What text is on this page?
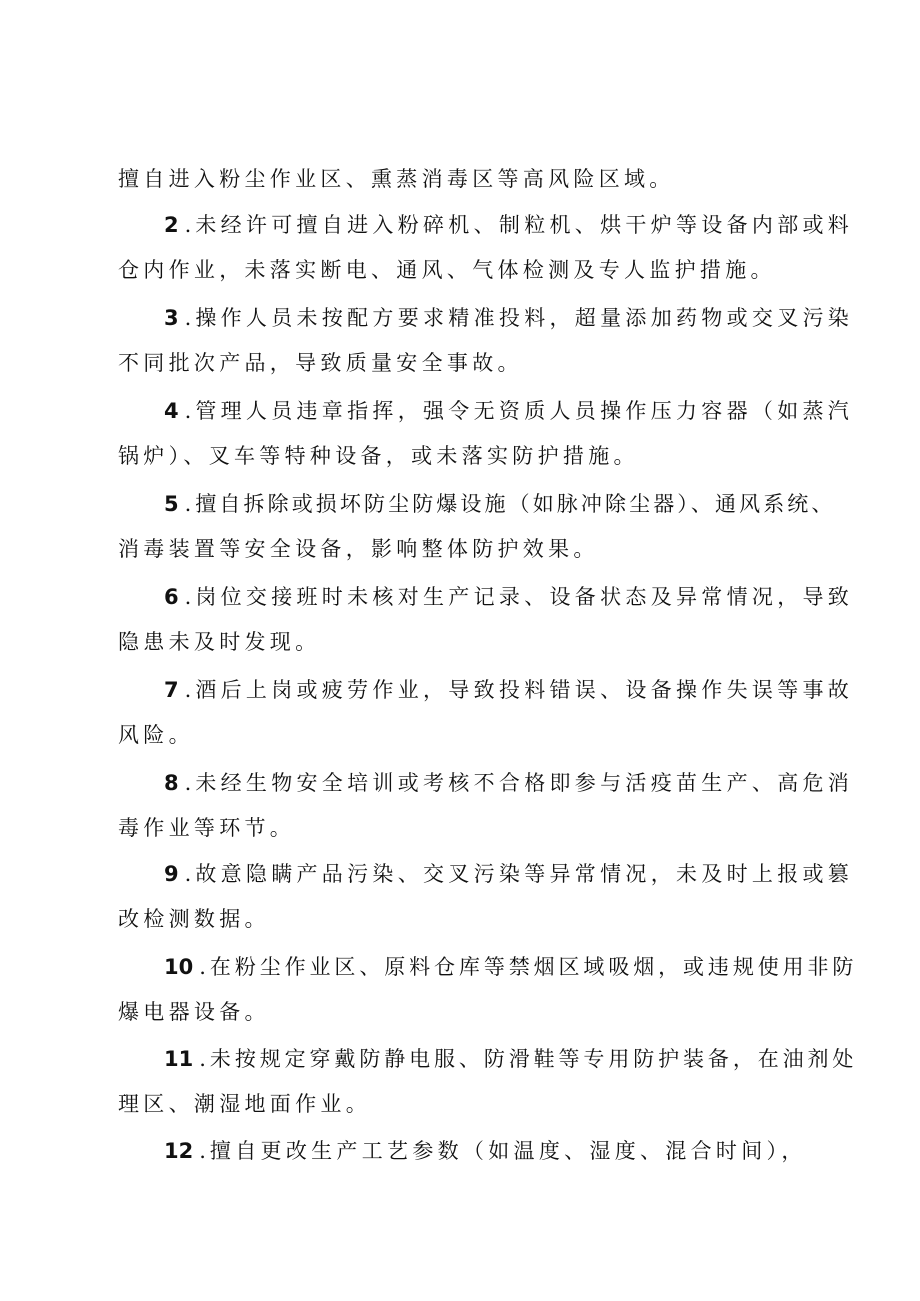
擅自进入粉尘作业区、熏蒸消毒区等高风险区域。
2 . 未经许可擅自进入粉碎机、制粒机、烘干炉等设备内部或料
仓内作业，未落实断电、通风、气体检测及专人监护措施。
3 . 操作人员未按配方要求精准投料，超量添加药物或交叉污染
不同批次产品，导致质量安全事故。
4 . 管理人员违章指挥，强令无资质人员操作压力容器（如蒸汽
锅炉）、叉车等特种设备，或未落实防护措施。
5 . 擅自拆除或损坏防尘防爆设施（如脉冲除尘器）、通风系统、
消毒装置等安全设备，影响整体防护效果。
6 . 岗位交接班时未核对生产记录、设备状态及异常情况，导致
隐患未及时发现。
7 . 酒后上岗或疲劳作业，导致投料错误、设备操作失误等事故
风险。
8 . 未经生物安全培训或考核不合格即参与活疫苗生产、高危消
毒作业等环节。
9 . 故意隐瞒产品污染、交叉污染等异常情况，未及时上报或篡
改检测数据。
10 . 在粉尘作业区、原料仓库等禁烟区域吸烟，或违规使用非防
爆电器设备。
11 . 未按规定穿戴防静电服、防滑鞋等专用防护装备，在油剂处
理区、潮湿地面作业。
12 . 擅自更改生产工艺参数（如温度、湿度、混合时间），
